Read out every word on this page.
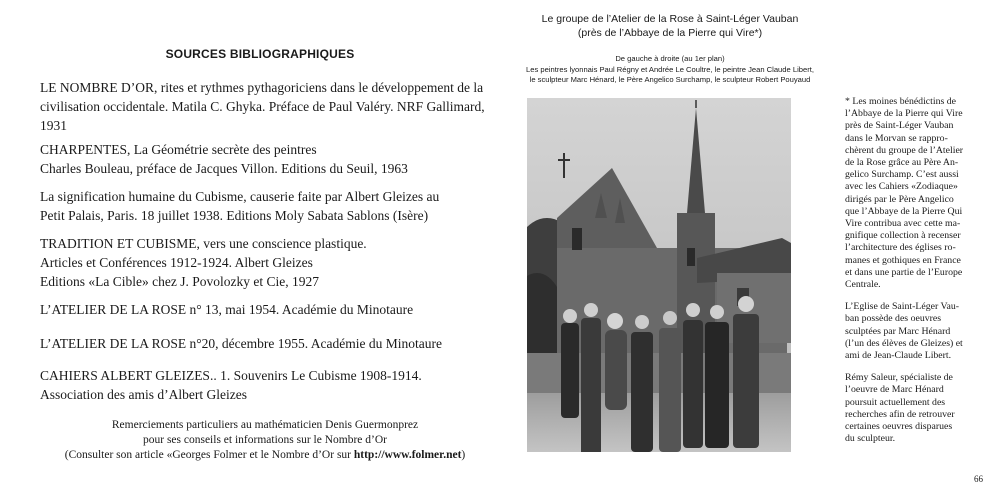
SOURCES BIBLIOGRAPHIQUES
LE NOMBRE D’OR, rites et rythmes pythagoriciens dans le développement de la
civilisation occidentale. Matila C. Ghyka. Préface de Paul Valéry. NRF Gallimard,
1931
CHARPENTES, La Géométrie secrète des peintres
Charles Bouleau, préface de Jacques Villon. Editions du Seuil, 1963
La signification humaine du Cubisme, causerie faite par Albert Gleizes au
Petit Palais, Paris. 18 juillet 1938. Editions Moly Sabata Sablons (Isère)
TRADITION ET CUBISME, vers une conscience plastique.
Articles et Conférences 1912-1924. Albert Gleizes
Editions «La Cible» chez J. Povolozky et Cie, 1927
L’ATELIER DE LA ROSE n° 13, mai 1954. Académie du Minotaure
L’ATELIER DE LA ROSE n°20, décembre 1955. Académie du Minotaure
CAHIERS ALBERT GLEIZES.. 1. Souvenirs Le Cubisme 1908-1914.
Association des amis d’Albert Gleizes
Remerciements particuliers au mathématicien Denis Guermonprez
pour ses conseils et informations sur le Nombre d’Or
(Consulter son article «Georges Folmer et le Nombre d’Or sur http://www.folmer.net)
Le groupe de l’Atelier de la Rose à Saint-Léger Vauban
(près de l’Abbaye de la Pierre qui Vire*)
De gauche à droite (au 1er plan)
Les peintres lyonnais Paul Régny et Andrée Le Coultre, le peintre Jean Claude Libert,
le sculpteur Marc Hénard, le Père Angelico Surchamp, le sculpteur Robert Pouyaud

* Les moines bénédictins de
l’Abbaye de la Pierre qui Vire
près de Saint-Léger Vauban
dans le Morvan se rappro-
chèrent du groupe de l’Atelier
de la Rose grâce au Père An-
gelico Surchamp. C’est aussi
avec les Cahiers «Zodiaque»
dirigés par le Père Angelico
que l’Abbaye de la Pierre Qui
Vire contribua avec cette ma-
gnifique collection à recenser
l’architecture des églises ro-
manes et gothiques en France
et dans une partie de l’Europe
Centrale.

L’Eglise de Saint-Léger Vau-
ban possède des oeuvres
sculptées par Marc Hénard
(l’un des élèves de Gleizes) et
ami de Jean-Claude Libert.

Rémy Saleur, spécialiste de
l’oeuvre de Marc Hénard
poursuit actuellement des
recherches afin de retrouver
certaines oeuvres disparues
du sculpteur.

66
